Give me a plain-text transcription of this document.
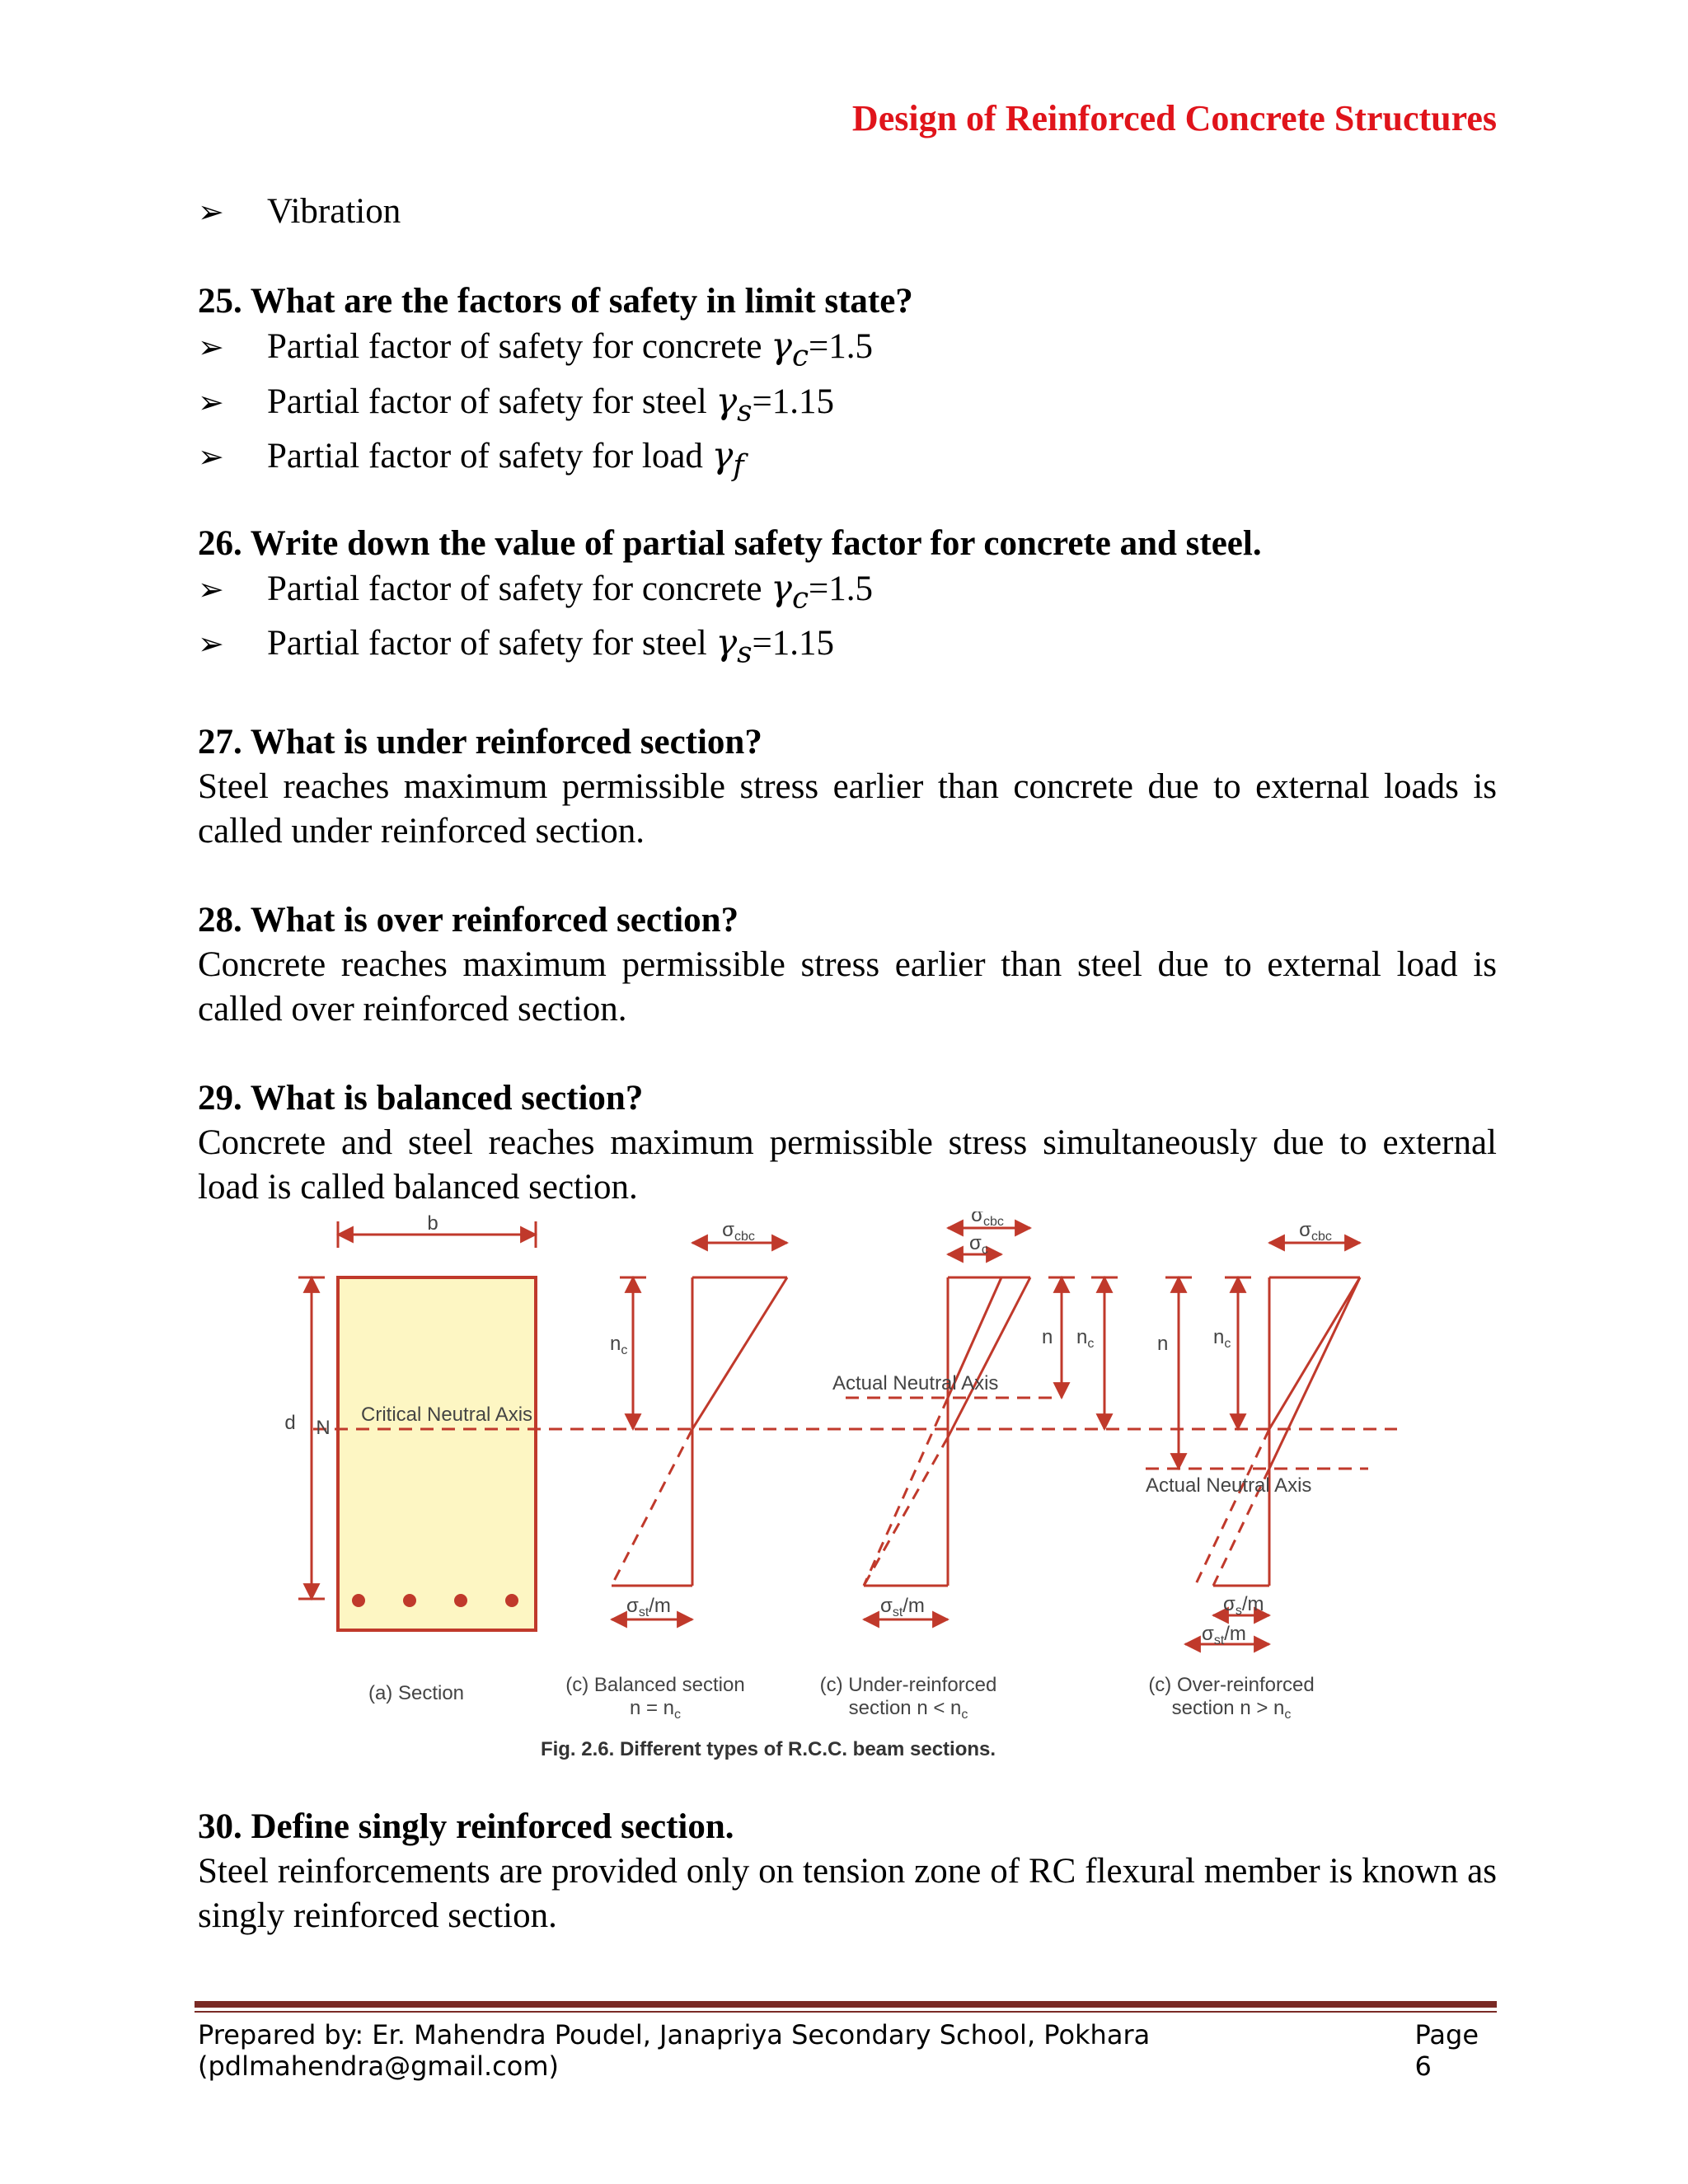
Design of Reinforced Concrete Structures
➢	Vibration
25. What are the factors of safety in limit state?
➢	Partial factor of safety for concrete $\gamma_c=1.5$
➢	Partial factor of safety for steel $\gamma_s=1.15$
➢	Partial factor of safety for load $\gamma_f$
26. Write down the value of partial safety factor for concrete and steel.
➢	Partial factor of safety for concrete $\gamma_c=1.5$
➢	Partial factor of safety for steel $\gamma_s=1.15$
27. What is under reinforced section?
Steel reaches maximum permissible stress earlier than concrete due to external loads is called under reinforced section.
28. What is over reinforced section?
Concrete reaches maximum permissible stress earlier than steel due to external load is called over reinforced section.
29. What is balanced section?
Concrete and steel reaches maximum permissible stress simultaneously due to external load is called balanced section.
b
d N
Critical Neutral Axis
$\sigma_{cbc}$
$n_c$
$\sigma_{st}/m$
$\sigma_{cbc}$
$\sigma_c$
Actual Neutral Axis
n $n_c$
$\sigma_{st}/m$
$\sigma_{cbc}$
n $n_c$
Actual Neutral Axis
$\sigma_s/m$
$\sigma_{st}/m$
(a) Section	(c) Balanced section
$n = n_c$
(c) Under-reinforced
section $n < n_c$
(c) Over-reinforced
section $n > n_c$
Fig. 2.6. Different types of R.C.C. beam sections.
30. Define singly reinforced section.
Steel reinforcements are provided only on tension zone of RC flexural member is known as singly reinforced section.
Prepared by: Er. Mahendra Poudel, Janapriya Secondary School, Pokhara (pdlmahendra@gmail.com)
Page 6
